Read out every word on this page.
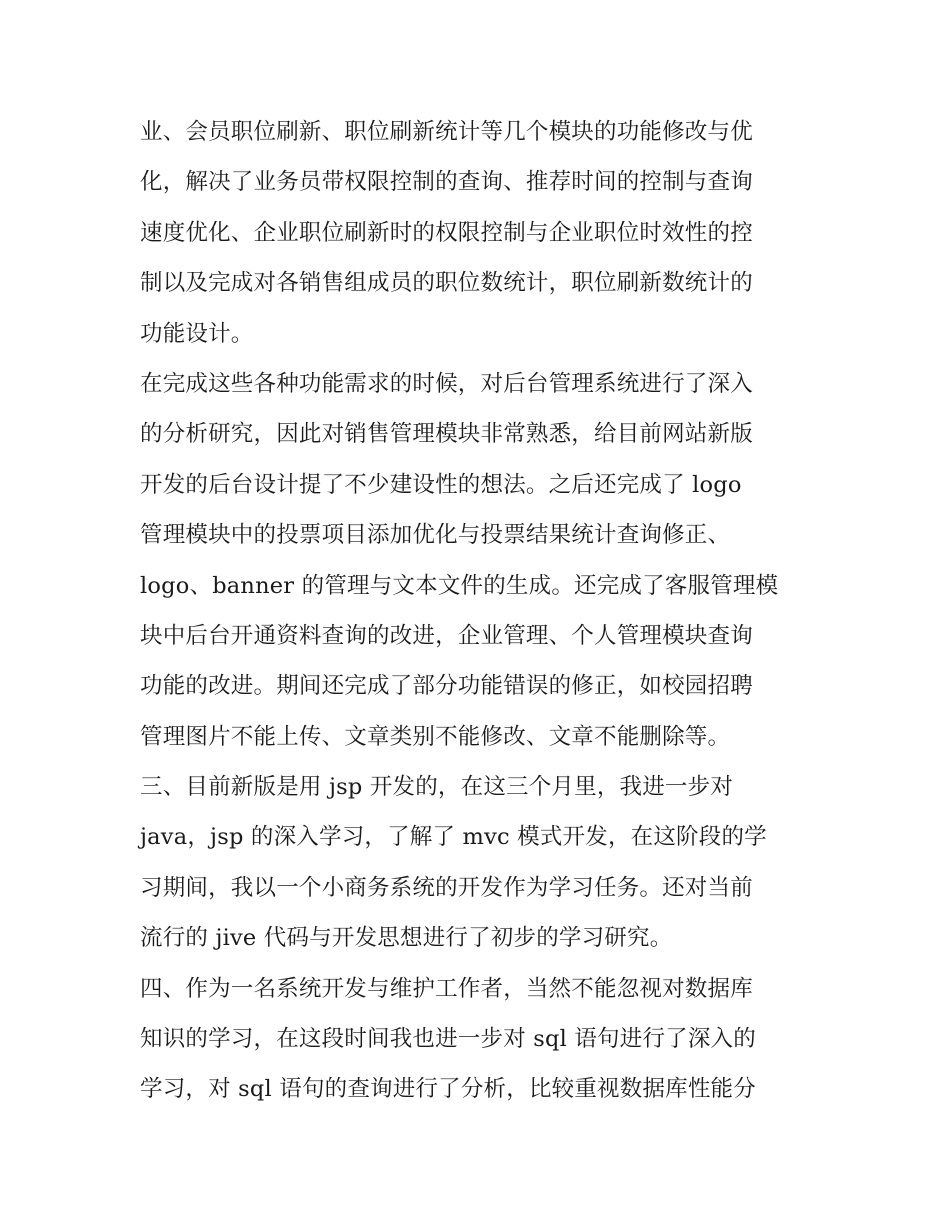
业、会员职位刷新、职位刷新统计等几个模块的功能修改与优
化，解决了业务员带权限控制的查询、推荐时间的控制与查询
速度优化、企业职位刷新时的权限控制与企业职位时效性的控
制以及完成对各销售组成员的职位数统计，职位刷新数统计的
功能设计。
在完成这些各种功能需求的时候，对后台管理系统进行了深入
的分析研究，因此对销售管理模块非常熟悉，给目前网站新版
开发的后台设计提了不少建设性的想法。之后还完成了 logo
管理模块中的投票项目添加优化与投票结果统计查询修正、
logo、banner 的管理与文本文件的生成。还完成了客服管理模
块中后台开通资料查询的改进，企业管理、个人管理模块查询
功能的改进。期间还完成了部分功能错误的修正，如校园招聘
管理图片不能上传、文章类别不能修改、文章不能删除等。
三、目前新版是用 jsp 开发的，在这三个月里，我进一步对
java，jsp 的深入学习，了解了 mvc 模式开发，在这阶段的学
习期间，我以一个小商务系统的开发作为学习任务。还对当前
流行的 jive 代码与开发思想进行了初步的学习研究。
四、作为一名系统开发与维护工作者，当然不能忽视对数据库
知识的学习，在这段时间我也进一步对 sql 语句进行了深入的
学习，对 sql 语句的查询进行了分析，比较重视数据库性能分
